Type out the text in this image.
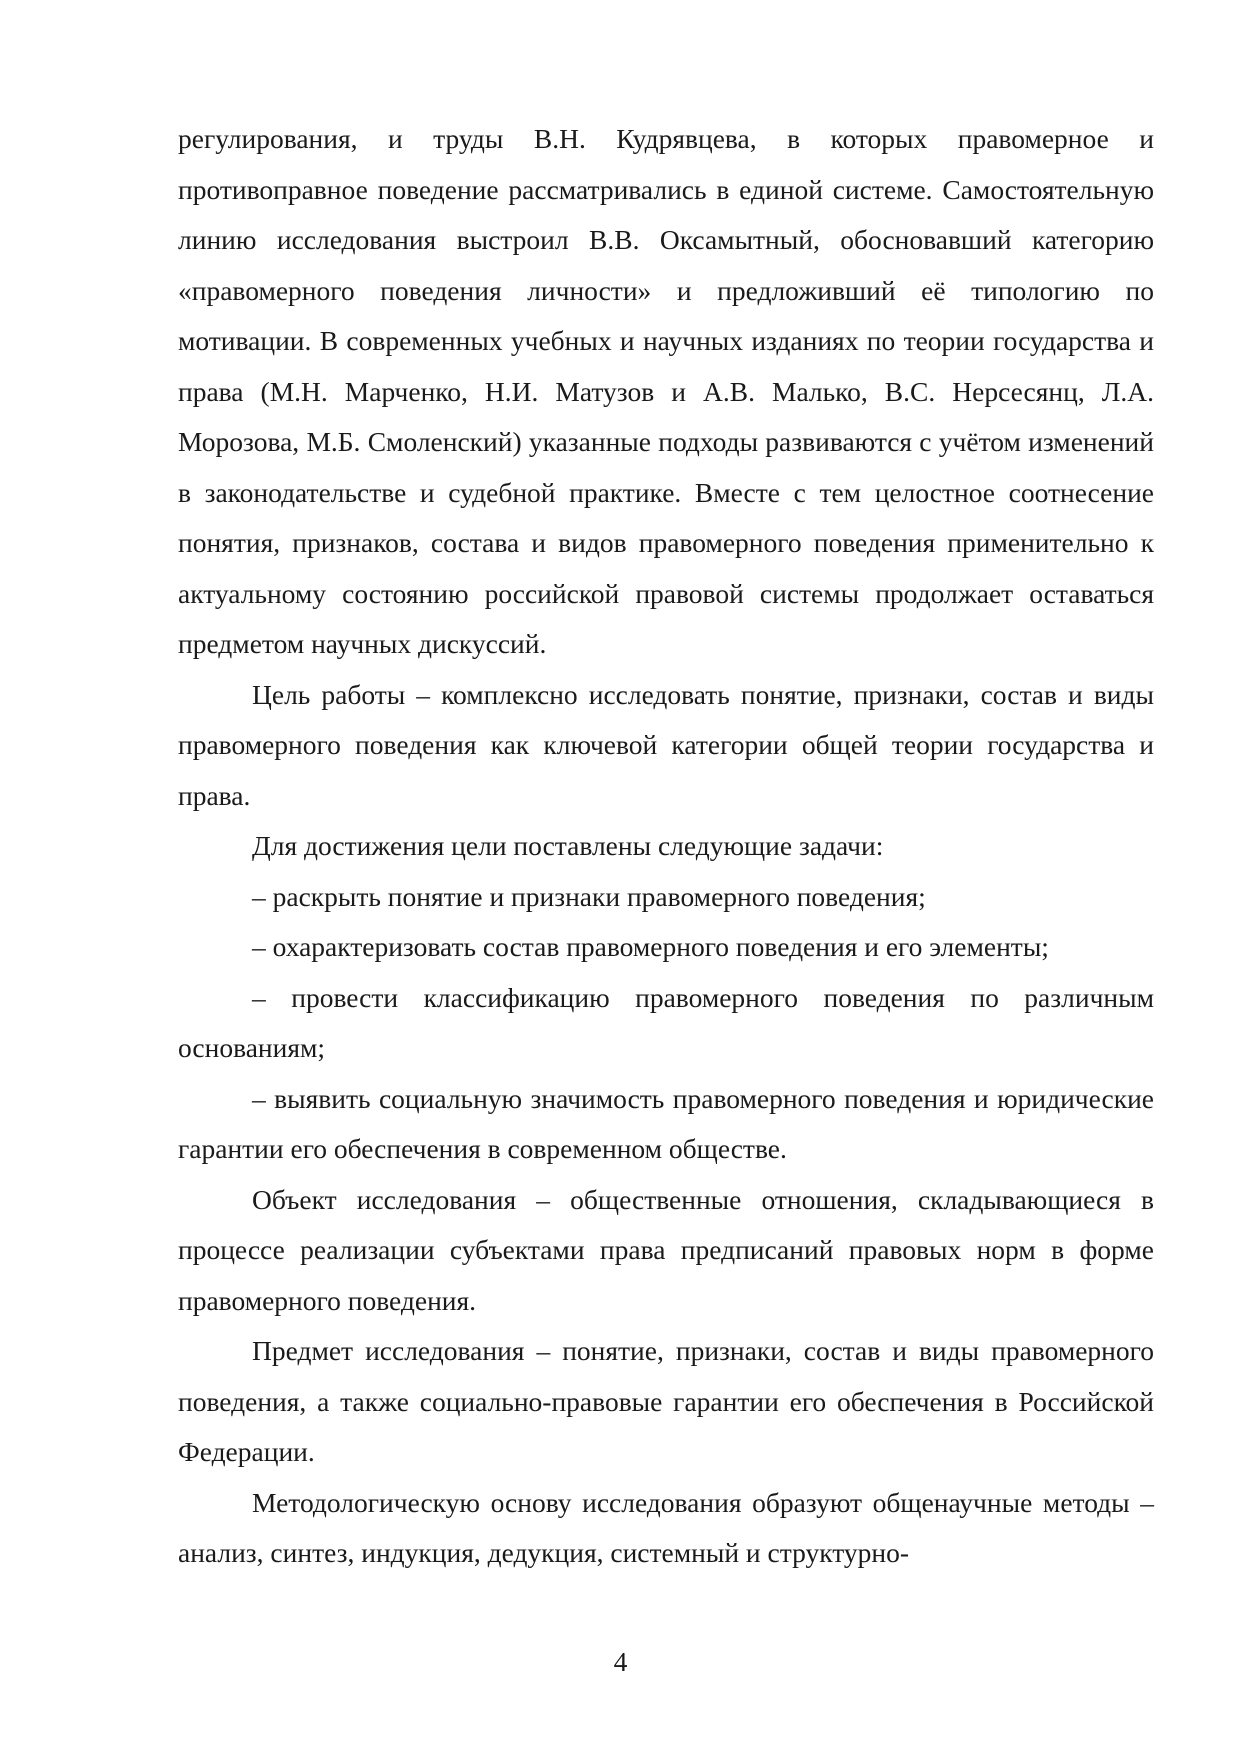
регулирования, и труды В.Н. Кудрявцева, в которых правомерное и противоправное поведение рассматривались в единой системе. Самостоятельную линию исследования выстроил В.В. Оксамытный, обосновавший категорию «правомерного поведения личности» и предложивший её типологию по мотивации. В современных учебных и научных изданиях по теории государства и права (М.Н. Марченко, Н.И. Матузов и А.В. Малько, В.С. Нерсесянц, Л.А. Морозова, М.Б. Смоленский) указанные подходы развиваются с учётом изменений в законодательстве и судебной практике. Вместе с тем целостное соотнесение понятия, признаков, состава и видов правомерного поведения применительно к актуальному состоянию российской правовой системы продолжает оставаться предметом научных дискуссий.

Цель работы – комплексно исследовать понятие, признаки, состав и виды правомерного поведения как ключевой категории общей теории государства и права.

Для достижения цели поставлены следующие задачи:

– раскрыть понятие и признаки правомерного поведения;

– охарактеризовать состав правомерного поведения и его элементы;

– провести классификацию правомерного поведения по различным основаниям;

– выявить социальную значимость правомерного поведения и юридические гарантии его обеспечения в современном обществе.

Объект исследования – общественные отношения, складывающиеся в процессе реализации субъектами права предписаний правовых норм в форме правомерного поведения.

Предмет исследования – понятие, признаки, состав и виды правомерного поведения, а также социально-правовые гарантии его обеспечения в Российской Федерации.

Методологическую основу исследования образуют общенаучные методы – анализ, синтез, индукция, дедукция, системный и структурно-

4
